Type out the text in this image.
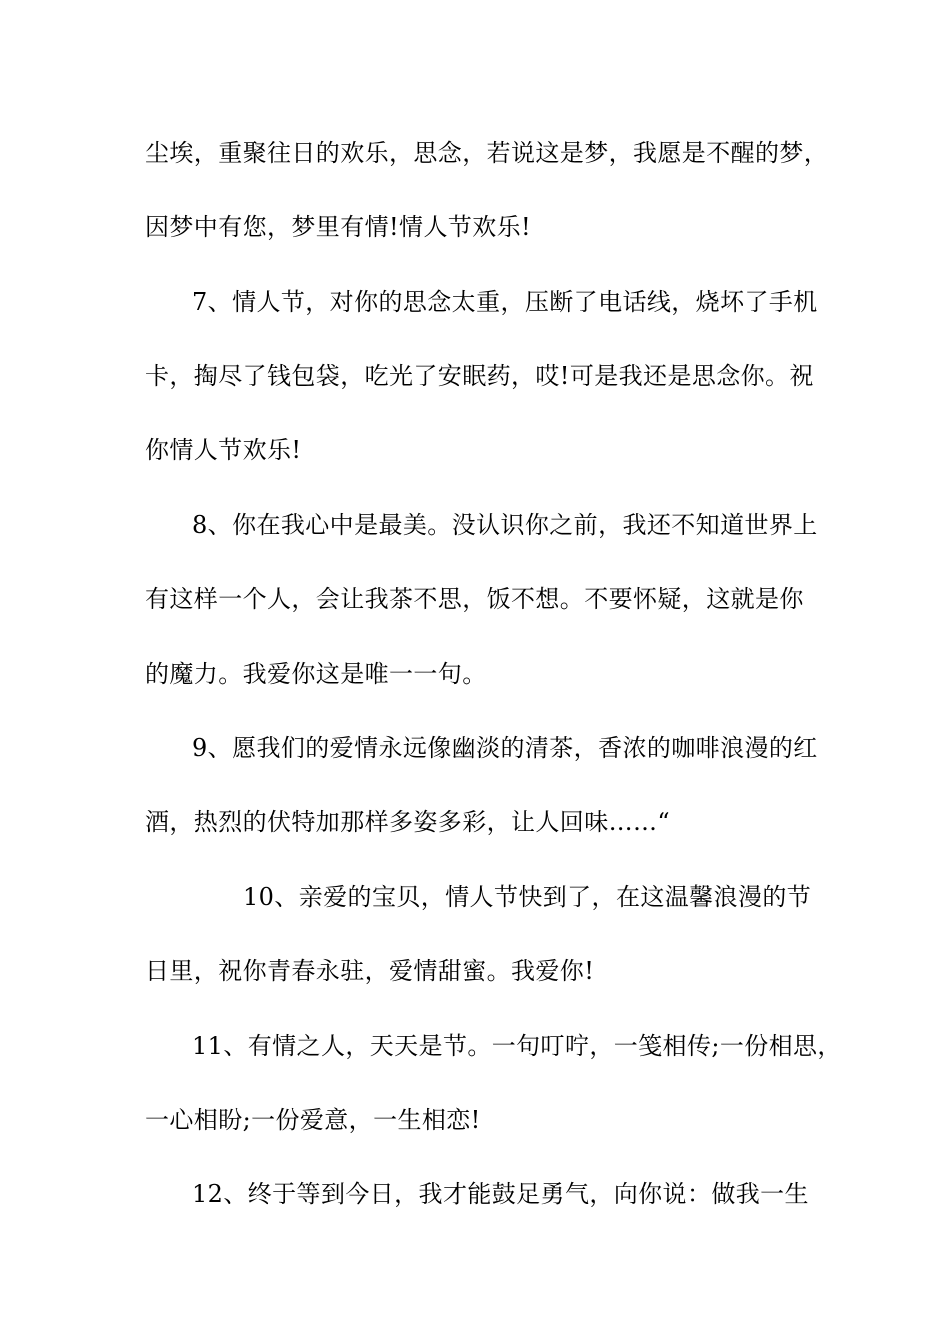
尘埃，重聚往日的欢乐，思念，若说这是梦，我愿是不醒的梦，
因梦中有您，梦里有情!情人节欢乐!
7、情人节，对你的思念太重，压断了电话线，烧坏了手机
卡，掏尽了钱包袋，吃光了安眠药，哎!可是我还是思念你。祝
你情人节欢乐!
8、你在我心中是最美。没认识你之前，我还不知道世界上
有这样一个人，会让我茶不思，饭不想。不要怀疑，这就是你
的魔力。我爱你这是唯一一句。
9、愿我们的爱情永远像幽淡的清茶，香浓的咖啡浪漫的红
酒，热烈的伏特加那样多姿多彩，让人回味……“
10、亲爱的宝贝，情人节快到了，在这温馨浪漫的节
日里，祝你青春永驻，爱情甜蜜。我爱你!
11、有情之人，天天是节。一句叮咛，一笺相传;一份相思，
一心相盼;一份爱意，一生相恋!
12、终于等到今日，我才能鼓足勇气，向你说：做我一生
